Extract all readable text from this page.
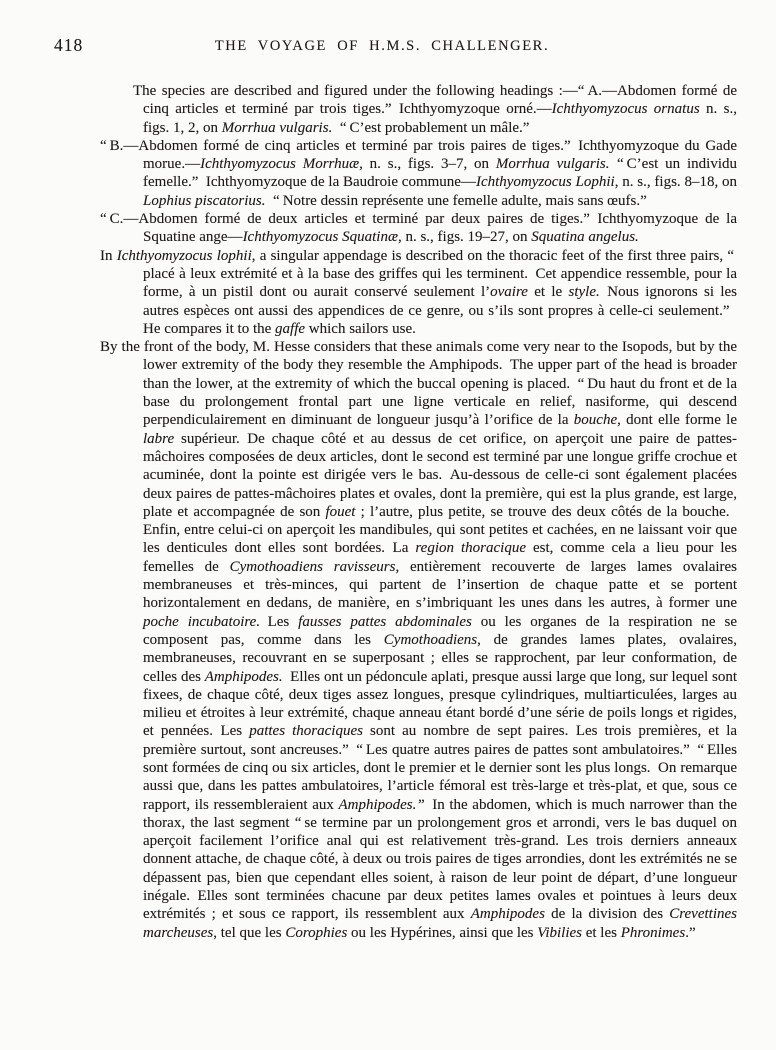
418	THE VOYAGE OF H.M.S. CHALLENGER.

The species are described and figured under the following headings :—“ A.—Abdomen formé de cinq articles et terminé par trois tiges.” Ichthyomyzoque orné.—Ichthyomyzocus ornatus n. s., figs. 1, 2, on Morrhua vulgaris. “ C’est probablement un mâle.”

“ B.—Abdomen formé de cinq articles et terminé par trois paires de tiges.” Ichthyomyzoque du Gade morue.—Ichthyomyzocus Morrhuæ, n. s., figs. 3–7, on Morrhua vulgaris. “ C’est un individu femelle.” Ichthyomyzoque de la Baudroie commune—Ichthyomyzocus Lophii, n. s., figs. 8–18, on Lophius piscatorius. “ Notre dessin représente une femelle adulte, mais sans œufs.”

“ C.—Abdomen formé de deux articles et terminé par deux paires de tiges.” Ichthyomyzoque de la Squatine ange—Ichthyomyzocus Squatinæ, n. s., figs. 19–27, on Squatina angelus.

In Ichthyomyzocus lophii, a singular appendage is described on the thoracic feet of the first three pairs, “ placé à leux extrémité et à la base des griffes qui les terminent. Cet appendice ressemble, pour la forme, à un pistil dont ou aurait conservé seulement l’ovaire et le style. Nous ignorons si les autres espèces ont aussi des appendices de ce genre, ou s’ils sont propres à celle-ci seulement.” He compares it to the gaffe which sailors use.

By the front of the body, M. Hesse considers that these animals come very near to the Isopods, but by the lower extremity of the body they resemble the Amphipods. The upper part of the head is broader than the lower, at the extremity of which the buccal opening is placed. “ Du haut du front et de la base du prolongement frontal part une ligne verticale en relief, nasiforme, qui descend perpendiculairement en diminuant de longueur jusqu’à l’orifice de la bouche, dont elle forme le labre supérieur. De chaque côté et au dessus de cet orifice, on aperçoit une paire de pattes-mâchoires composées de deux articles, dont le second est terminé par une longue griffe crochue et acuminée, dont la pointe est dirigée vers le bas. Au-dessous de celle-ci sont également placées deux paires de pattes-mâchoires plates et ovales, dont la première, qui est la plus grande, est large, plate et accompagnée de son fouet ; l’autre, plus petite, se trouve des deux côtés de la bouche. Enfin, entre celui-ci on aperçoit les mandibules, qui sont petites et cachées, en ne laissant voir que les denticules dont elles sont bordées. La region thoracique est, comme cela a lieu pour les femelles de Cymothoadiens ravisseurs, entièrement recouverte de larges lames ovalaires membraneuses et très-minces, qui partent de l’insertion de chaque patte et se portent horizontalement en dedans, de manière, en s’imbriquant les unes dans les autres, à former une poche incubatoire. Les fausses pattes abdominales ou les organes de la respiration ne se composent pas, comme dans les Cymothoadiens, de grandes lames plates, ovalaires, membraneuses, recouvrant en se superposant ; elles se rapprochent, par leur conformation, de celles des Amphipodes. Elles ont un pédoncule aplati, presque aussi large que long, sur lequel sont fixees, de chaque côté, deux tiges assez longues, presque cylindriques, multiarticulées, larges au milieu et étroites à leur extrémité, chaque anneau étant bordé d’une série de poils longs et rigides, et pennées. Les pattes thoraciques sont au nombre de sept paires. Les trois premières, et la première surtout, sont ancreuses.” “ Les quatre autres paires de pattes sont ambulatoires.” “ Elles sont formées de cinq ou six articles, dont le premier et le dernier sont les plus longs. On remarque aussi que, dans les pattes ambulatoires, l’article fémoral est très-large et très-plat, et que, sous ce rapport, ils ressembleraient aux Amphipodes.” In the abdomen, which is much narrower than the thorax, the last segment “ se termine par un prolongement gros et arrondi, vers le bas duquel on aperçoit facilement l’orifice anal qui est relativement très-grand. Les trois derniers anneaux donnent attache, de chaque côté, à deux ou trois paires de tiges arrondies, dont les extrémités ne se dépassent pas, bien que cependant elles soient, à raison de leur point de départ, d’une longueur inégale. Elles sont terminées chacune par deux petites lames ovales et pointues à leurs deux extrémités ; et sous ce rapport, ils ressemblent aux Amphipodes de la division des Crevettines marcheuses, tel que les Corophies ou les Hypérines, ainsi que les Vibilies et les Phronimes.”
